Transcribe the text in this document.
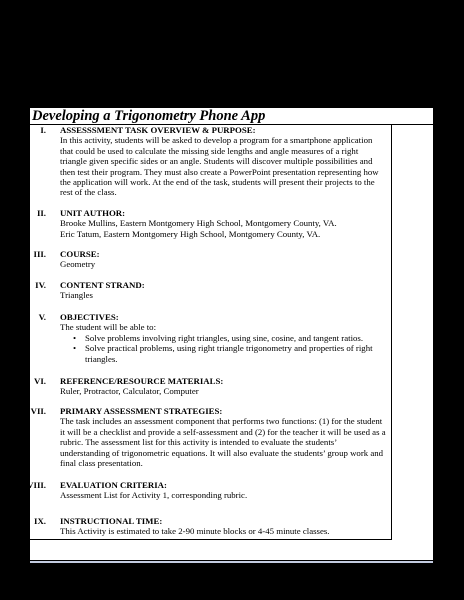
Developing a Trigonometry Phone App
I. ASSESSSMENT TASK OVERVIEW & PURPOSE:

In this activity, students will be asked to develop a program for a smartphone application that could be used to calculate the missing side lengths and angle measures of a right triangle given specific sides or an angle. Students will discover multiple possibilities and then test their program. They must also create a PowerPoint presentation representing how the application will work. At the end of the task, students will present their projects to the rest of the class.

II. UNIT AUTHOR:

Brooke Mullins, Eastern Montgomery High School, Montgomery County, VA.

Eric Tatum, Eastern Montgomery High School, Montgomery County, VA.

III. COURSE:

Geometry

IV. CONTENT STRAND:

Triangles

V. OBJECTIVES:

The student will be able to:

• Solve problems involving right triangles, using sine, cosine, and tangent ratios.
• Solve practical problems, using right triangle trigonometry and properties of right triangles.
VI. REFERENCE/RESOURCE MATERIALS:

Ruler, Protractor, Calculator, Computer

VII. PRIMARY ASSESSMENT STRATEGIES:

The task includes an assessment component that performs two functions: (1) for the student it will be a checklist and provide a self-assessment and (2) for the teacher it will be used as a rubric. The assessment list for this activity is intended to evaluate the students’ understanding of trigonometric equations. It will also evaluate the students’ group work and final class presentation.

VIII. EVALUATION CRITERIA:

Assessment List for Activity 1, corresponding rubric.

IX. INSTRUCTIONAL TIME:

This Activity is estimated to take 2-90 minute blocks or 4-45 minute classes.
